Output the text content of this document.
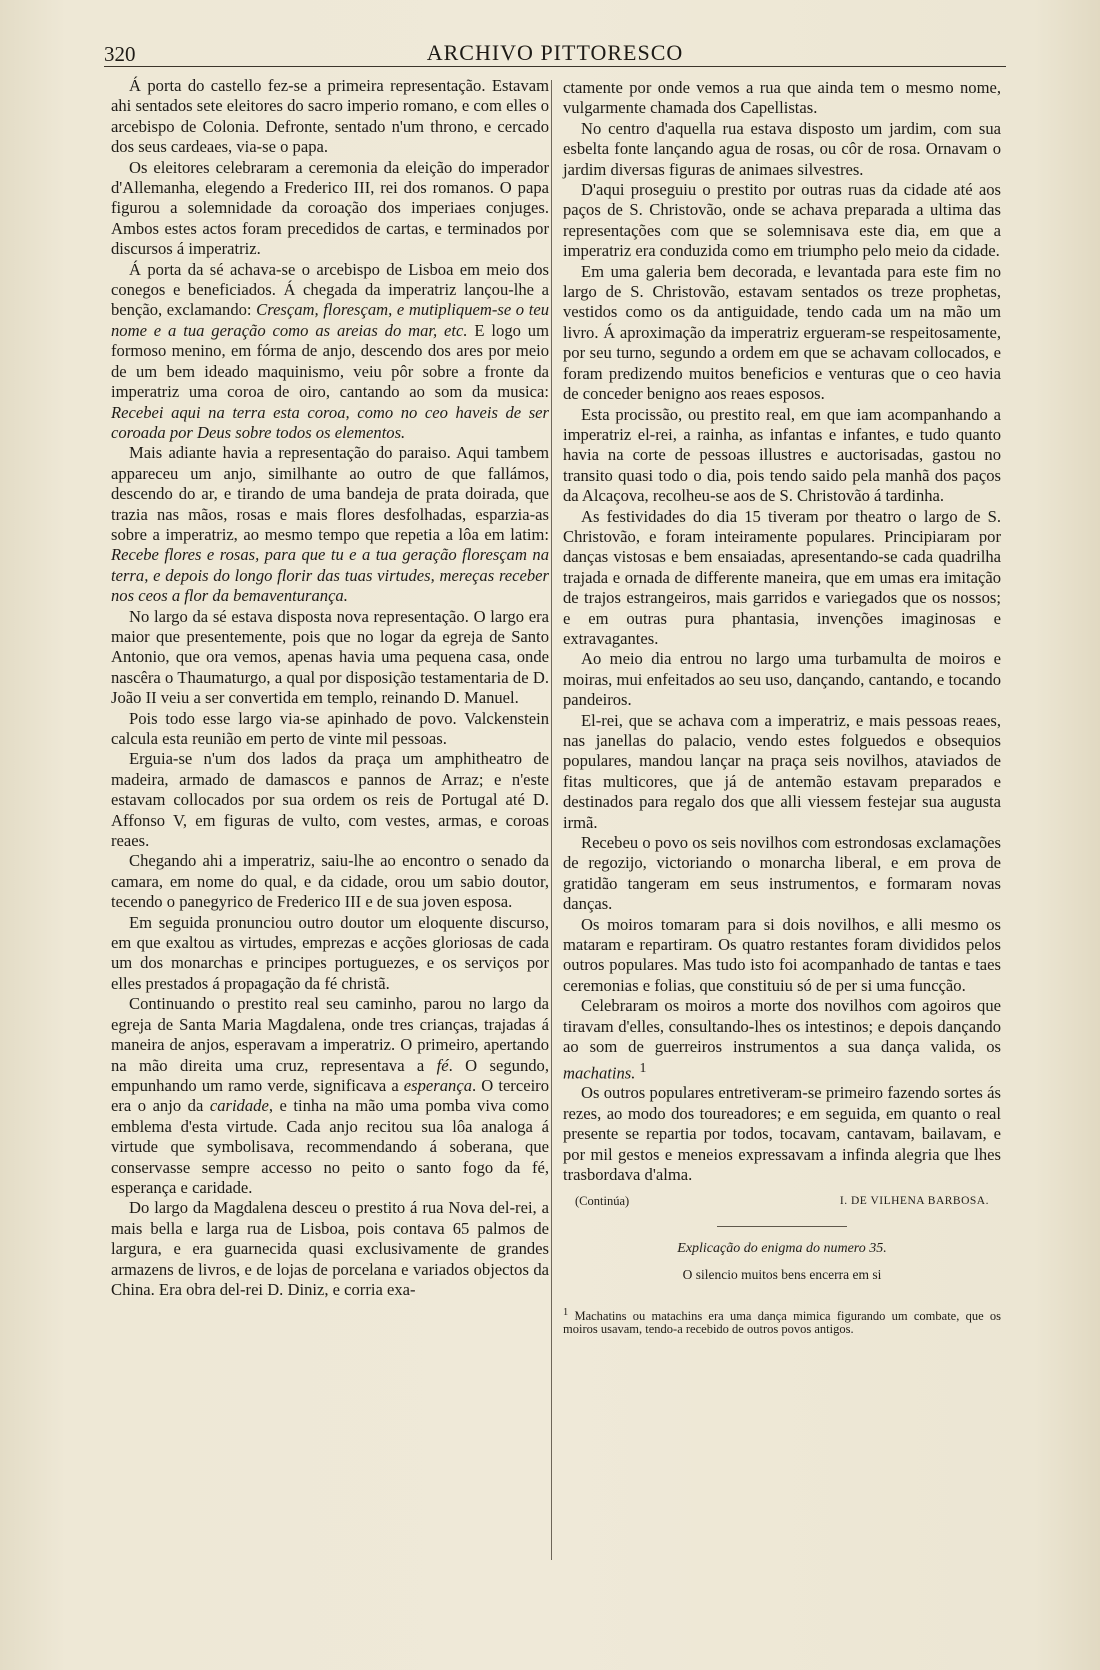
320	ARCHIVO PITTORESCO

Á porta do castello fez-se a primeira representação. Estavam ahi sentados sete eleitores do sacro imperio romano, e com elles o arcebispo de Colonia. Defronte, sentado n'um throno, e cercado dos seus cardeaes, via-se o papa.

Os eleitores celebraram a ceremonia da eleição do imperador d'Allemanha, elegendo a Frederico III, rei dos romanos. O papa figurou a solemnidade da coroação dos imperiaes conjuges. Ambos estes actos foram precedidos de cartas, e terminados por discursos á imperatriz.

Á porta da sé achava-se o arcebispo de Lisboa em meio dos conegos e beneficiados. Á chegada da imperatriz lançou-lhe a benção, exclamando: Cresçam, floresçam, e mutipliquem-se o teu nome e a tua geração como as areias do mar, etc. E logo um formoso menino, em fórma de anjo, descendo dos ares por meio de um bem ideado maquinismo, veiu pôr sobre a fronte da imperatriz uma coroa de oiro, cantando ao som da musica: Recebei aqui na terra esta coroa, como no ceo haveis de ser coroada por Deus sobre todos os elementos.

Mais adiante havia a representação do paraiso. Aqui tambem appareceu um anjo, similhante ao outro de que fallámos, descendo do ar, e tirando de uma bandeja de prata doirada, que trazia nas mãos, rosas e mais flores desfolhadas, esparzia-as sobre a imperatriz, ao mesmo tempo que repetia a lôa em latim: Recebe flores e rosas, para que tu e a tua geração floresçam na terra, e depois do longo florir das tuas virtudes, mereças receber nos ceos a flor da bemaventurança.

No largo da sé estava disposta nova representação. O largo era maior que presentemente, pois que no logar da egreja de Santo Antonio, que ora vemos, apenas havia uma pequena casa, onde nascêra o Thaumaturgo, a qual por disposição testamentaria de D. João II veiu a ser convertida em templo, reinando D. Manuel.

Pois todo esse largo via-se apinhado de povo. Valckenstein calcula esta reunião em perto de vinte mil pessoas.

Erguia-se n'um dos lados da praça um amphitheatro de madeira, armado de damascos e pannos de Arraz; e n'este estavam collocados por sua ordem os reis de Portugal até D. Affonso V, em figuras de vulto, com vestes, armas, e coroas reaes.

Chegando ahi a imperatriz, saiu-lhe ao encontro o senado da camara, em nome do qual, e da cidade, orou um sabio doutor, tecendo o panegyrico de Frederico III e de sua joven esposa.

Em seguida pronunciou outro doutor um eloquente discurso, em que exaltou as virtudes, emprezas e acções gloriosas de cada um dos monarchas e principes portuguezes, e os serviços por elles prestados á propagação da fé christã.

Continuando o prestito real seu caminho, parou no largo da egreja de Santa Maria Magdalena, onde tres crianças, trajadas á maneira de anjos, esperavam a imperatriz. O primeiro, apertando na mão direita uma cruz, representava a fé. O segundo, empunhando um ramo verde, significava a esperança. O terceiro era o anjo da caridade, e tinha na mão uma pomba viva como emblema d'esta virtude. Cada anjo recitou sua lôa analoga á virtude que symbolisava, recommendando á soberana, que conservasse sempre accesso no peito o santo fogo da fé, esperança e caridade.

Do largo da Magdalena desceu o prestito á rua Nova del-rei, a mais bella e larga rua de Lisboa, pois contava 65 palmos de largura, e era guarnecida quasi exclusivamente de grandes armazens de livros, e de lojas de porcelana e variados objectos da China. Era obra del-rei D. Diniz, e corria exa-

ctamente por onde vemos a rua que ainda tem o mesmo nome, vulgarmente chamada dos Capellistas.

No centro d'aquella rua estava disposto um jardim, com sua esbelta fonte lançando agua de rosas, ou côr de rosa. Ornavam o jardim diversas figuras de animaes silvestres.

D'aqui proseguiu o prestito por outras ruas da cidade até aos paços de S. Christovão, onde se achava preparada a ultima das representações com que se solemnisava este dia, em que a imperatriz era conduzida como em triumpho pelo meio da cidade.

Em uma galeria bem decorada, e levantada para este fim no largo de S. Christovão, estavam sentados os treze prophetas, vestidos como os da antiguidade, tendo cada um na mão um livro. Á aproximação da imperatriz ergueram-se respeitosamente, por seu turno, segundo a ordem em que se achavam collocados, e foram predizendo muitos beneficios e venturas que o ceo havia de conceder benigno aos reaes esposos.

Esta procissão, ou prestito real, em que iam acompanhando a imperatriz el-rei, a rainha, as infantas e infantes, e tudo quanto havia na corte de pessoas illustres e auctorisadas, gastou no transito quasi todo o dia, pois tendo saido pela manhã dos paços da Alcaçova, recolheu-se aos de S. Christovão á tardinha.

As festividades do dia 15 tiveram por theatro o largo de S. Christovão, e foram inteiramente populares. Principiaram por danças vistosas e bem ensaiadas, apresentando-se cada quadrilha trajada e ornada de differente maneira, que em umas era imitação de trajos estrangeiros, mais garridos e variegados que os nossos; e em outras pura phantasia, invenções imaginosas e extravagantes.

Ao meio dia entrou no largo uma turbamulta de moiros e moiras, mui enfeitados ao seu uso, dançando, cantando, e tocando pandeiros.

El-rei, que se achava com a imperatriz, e mais pessoas reaes, nas janellas do palacio, vendo estes folguedos e obsequios populares, mandou lançar na praça seis novilhos, ataviados de fitas multicores, que já de antemão estavam preparados e destinados para regalo dos que alli viessem festejar sua augusta irmã.

Recebeu o povo os seis novilhos com estrondosas exclamações de regozijo, victoriando o monarcha liberal, e em prova de gratidão tangeram em seus instrumentos, e formaram novas danças.

Os moiros tomaram para si dois novilhos, e alli mesmo os mataram e repartiram. Os quatro restantes foram divididos pelos outros populares. Mas tudo isto foi acompanhado de tantas e taes ceremonias e folias, que constituiu só de per si uma funcção.

Celebraram os moiros a morte dos novilhos com agoiros que tiravam d'elles, consultando-lhes os intestinos; e depois dançando ao som de guerreiros instrumentos a sua dança valida, os machatins. $^1$

Os outros populares entretiveram-se primeiro fazendo sortes ás rezes, ao modo dos toureadores; e em seguida, em quanto o real presente se repartia por todos, tocavam, cantavam, bailavam, e por mil gestos e meneios expressavam a infinda alegria que lhes trasbordava d'alma.

(Continúa)	I. DE VILHENA BARBOSA.
Explicação do enigma do numero 35.
O silencio muitos bens encerra em si
$^1$ Machatins ou matachins era uma dança mimica figurando um combate, que os moiros usavam, tendo-a recebido de outros povos antigos.
